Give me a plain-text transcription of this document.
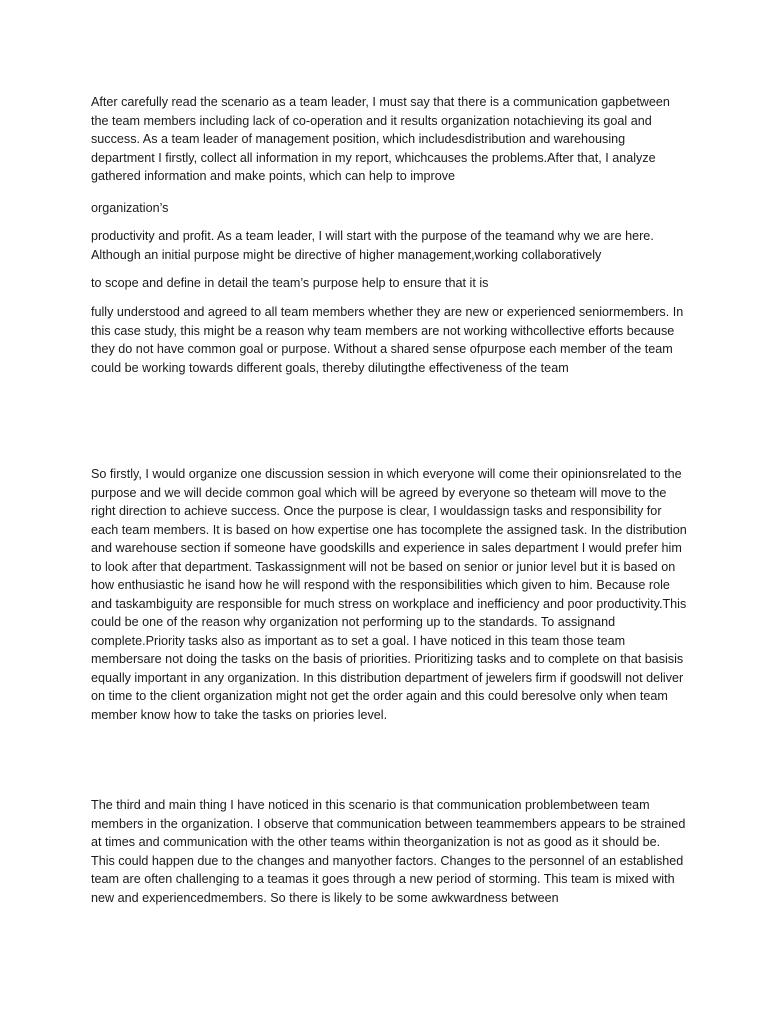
After carefully read the scenario as a team leader, I must say that there is a communication gapbetween the team members including lack of co-operation and it results organization notachieving its goal and success. As a team leader of management position, which includesdistribution and warehousing department I firstly, collect all information in my report, whichcauses the problems.After that, I analyze gathered information and make points, which can help to improve

organization’s

productivity and profit. As a team leader, I will start with the purpose of the teamand why we are here. Although an initial purpose might be directive of higher management,working collaboratively

to scope and define in detail the team’s purpose help to ensure that it is

fully understood and agreed to all team members whether they are new or experienced seniormembers. In this case study, this might be a reason why team members are not working withcollective efforts because they do not have common goal or purpose. Without a shared sense ofpurpose each member of the team could be working towards different goals, thereby dilutingthe effectiveness of the team

So firstly, I would organize one discussion session in which everyone will come their opinionsrelated to the purpose and we will decide common goal which will be agreed by everyone so theteam will move to the right direction to achieve success. Once the purpose is clear, I wouldassign tasks and responsibility for each team members. It is based on how expertise one has tocomplete the assigned task. In the distribution and warehouse section if someone have goodskills and experience in sales department I would prefer him to look after that department. Taskassignment will not be based on senior or junior level but it is based on how enthusiastic he isand how he will respond with the responsibilities which given to him. Because role and taskambiguity are responsible for much stress on workplace and inefficiency and poor productivity.This could be one of the reason why organization not performing up to the standards. To assignand complete.Priority tasks also as important as to set a goal. I have noticed in this team those team membersare not doing the tasks on the basis of priorities. Prioritizing tasks and to complete on that basisis equally important in any organization. In this distribution department of jewelers firm if goodswill not deliver on time to the client organization might not get the order again and this could beresolve only when team member know how to take the tasks on priories level.

The third and main thing I have noticed in this scenario is that communication problembetween team members in the organization. I observe that communication between teammembers appears to be strained at times and communication with the other teams within theorganization is not as good as it should be. This could happen due to the changes and manyother factors. Changes to the personnel of an established team are often challenging to a teamas it goes through a new period of storming. This team is mixed with new and experiencedmembers. So there is likely to be some awkwardness between
